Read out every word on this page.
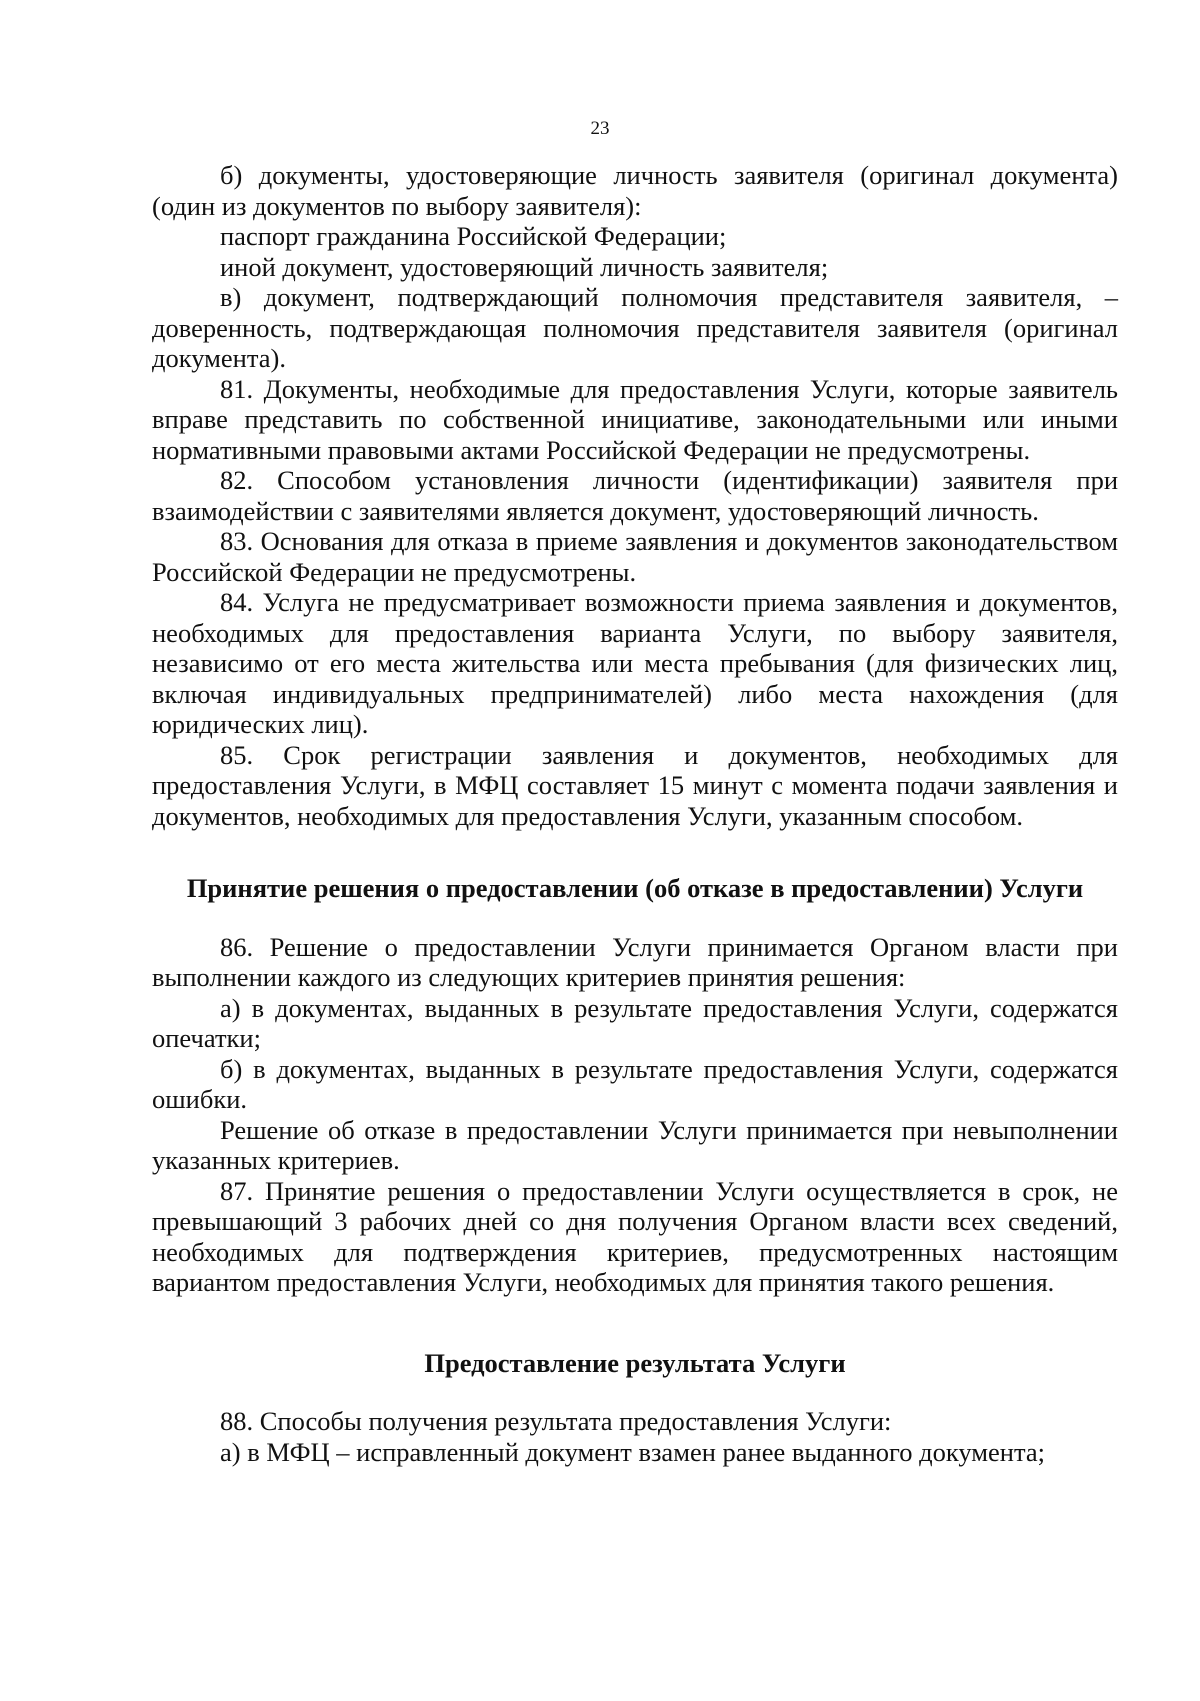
23

б) документы, удостоверяющие личность заявителя (оригинал документа) (один из документов по выбору заявителя):

паспорт гражданина Российской Федерации;

иной документ, удостоверяющий личность заявителя;

в) документ, подтверждающий полномочия представителя заявителя, – доверенность, подтверждающая полномочия представителя заявителя (оригинал документа).

81. Документы, необходимые для предоставления Услуги, которые заявитель вправе представить по собственной инициативе, законодательными или иными нормативными правовыми актами Российской Федерации не предусмотрены.

82. Способом установления личности (идентификации) заявителя при взаимодействии с заявителями является документ, удостоверяющий личность.

83. Основания для отказа в приеме заявления и документов законодательством Российской Федерации не предусмотрены.

84. Услуга не предусматривает возможности приема заявления и документов, необходимых для предоставления варианта Услуги, по выбору заявителя, независимо от его места жительства или места пребывания (для физических лиц, включая индивидуальных предпринимателей) либо места нахождения (для юридических лиц).

85. Срок регистрации заявления и документов, необходимых для предоставления Услуги, в МФЦ составляет 15 минут с момента подачи заявления и документов, необходимых для предоставления Услуги, указанным способом.

Принятие решения о предоставлении (об отказе в предоставлении) Услуги

86. Решение о предоставлении Услуги принимается Органом власти при выполнении каждого из следующих критериев принятия решения:

а) в документах, выданных в результате предоставления Услуги, содержатся опечатки;

б) в документах, выданных в результате предоставления Услуги, содержатся ошибки.

Решение об отказе в предоставлении Услуги принимается при невыполнении указанных критериев.

87. Принятие решения о предоставлении Услуги осуществляется в срок, не превышающий 3 рабочих дней со дня получения Органом власти всех сведений, необходимых для подтверждения критериев, предусмотренных настоящим вариантом предоставления Услуги, необходимых для принятия такого решения.

Предоставление результата Услуги

88. Способы получения результата предоставления Услуги:

а) в МФЦ – исправленный документ взамен ранее выданного документа;
